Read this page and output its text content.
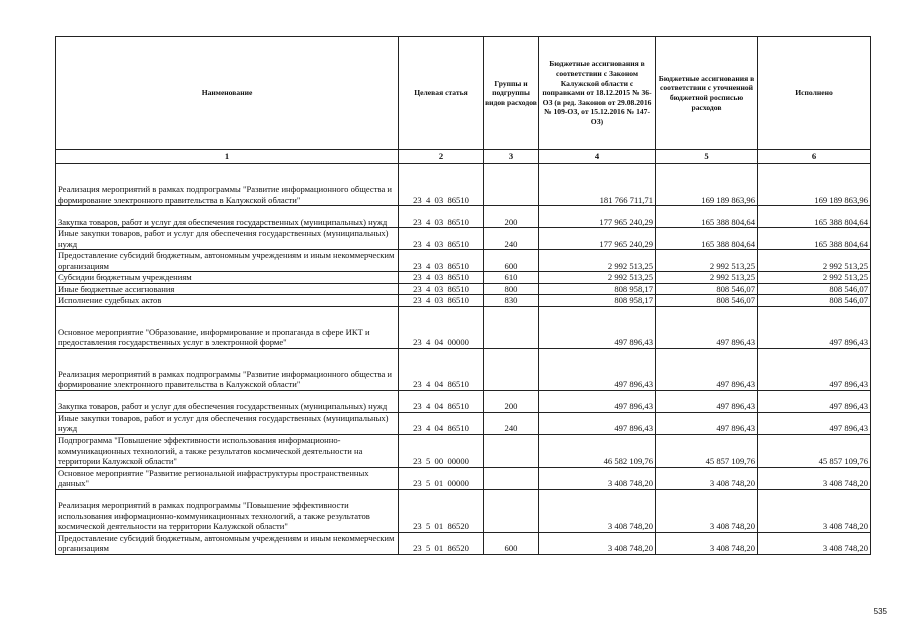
Наименование	Целевая статья	Группы и подгруппы видов расходов	Бюджетные ассигнования в соответствии с Законом Калужской области с поправками от 18.12.2015 № 36-ОЗ (в ред. Законов от 29.08.2016 № 109-ОЗ, от 15.12.2016 № 147-ОЗ)	Бюджетные ассигнования в соответствии с уточненной бюджетной росписью расходов	Исполнено
1	2	3	4	5	6
Реализация мероприятий в рамках подпрограммы "Развитие информационного общества и формирование электронного правительства в Калужской области"	23  4  03  86510		181 766 711,71	169 189 863,96	169 189 863,96
Закупка товаров, работ и услуг для обеспечения государственных (муниципальных) нужд	23  4  03  86510	200	177 965 240,29	165 388 804,64	165 388 804,64
Иные закупки товаров, работ и услуг для обеспечения государственных (муниципальных) нужд	23  4  03  86510	240	177 965 240,29	165 388 804,64	165 388 804,64
Предоставление субсидий бюджетным, автономным учреждениям и иным некоммерческим организациям	23  4  03  86510	600	2 992 513,25	2 992 513,25	2 992 513,25
Субсидии бюджетным учреждениям	23  4  03  86510	610	2 992 513,25	2 992 513,25	2 992 513,25
Иные бюджетные ассигнования	23  4  03  86510	800	808 958,17	808 546,07	808 546,07
Исполнение судебных актов	23  4  03  86510	830	808 958,17	808 546,07	808 546,07
Основное мероприятие "Образование, информирование и пропаганда в сфере ИКТ и предоставления государственных услуг в электронной форме"	23  4  04  00000		497 896,43	497 896,43	497 896,43
Реализация мероприятий в рамках подпрограммы "Развитие информационного общества и формирование электронного правительства в Калужской области"	23  4  04  86510		497 896,43	497 896,43	497 896,43
Закупка товаров, работ и услуг для обеспечения государственных (муниципальных) нужд	23  4  04  86510	200	497 896,43	497 896,43	497 896,43
Иные закупки товаров, работ и услуг для обеспечения государственных (муниципальных) нужд	23  4  04  86510	240	497 896,43	497 896,43	497 896,43
Подпрограмма "Повышение эффективности использования информационно-коммуникационных технологий, а также результатов космической деятельности на территории Калужской области"	23  5  00  00000		46 582 109,76	45 857 109,76	45 857 109,76
Основное мероприятие "Развитие региональной инфраструктуры пространственных данных"	23  5  01  00000		3 408 748,20	3 408 748,20	3 408 748,20
Реализация мероприятий в рамках подпрограммы "Повышение эффективности использования информационно-коммуникационных технологий, а также результатов космической деятельности на территории Калужской области"	23  5  01  86520		3 408 748,20	3 408 748,20	3 408 748,20
Предоставление субсидий бюджетным, автономным учреждениям и иным некоммерческим организациям	23  5  01  86520	600	3 408 748,20	3 408 748,20	3 408 748,20
535
